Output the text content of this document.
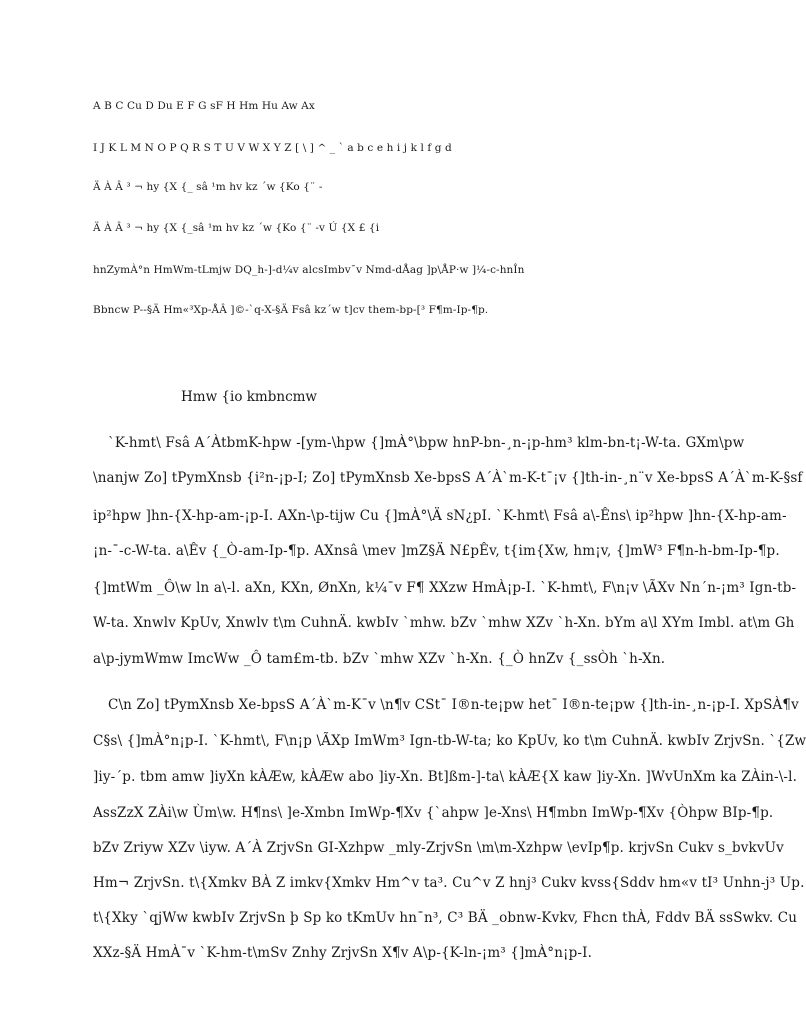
A B C Cu D Du E F G sF H Hm Hu Aw Ax
I J K L M N O P Q R S T U V W X Y Z [ \ ] ^ _ ` a b c e h i j k l f g d
Ä À Â ³ ¬ hy {X {_ sâ ¹m hv kz ´w {Ko {¨ -
Ä À Â ³ ¬ hy {X {_sâ ¹m hv kz ´w {Ko {¨ -v Ú {X £ {i
hnZymÀ°n HmWm-tLmjw DQ_h-]-d¼v alcsImbv¯v Nmd-dÅag ]p\ÅP·w ]¼-c-hnÎn
Bbncw P--§Ä Hm«³Xp-ÅÂ ]©-`q-X-§Ä Fsâ kz´w t]cv them-bp-[³ F¶m-Ip-¶p.
Hmw {io kmbncmw
`K-hmt\ Fsâ A´ÀtbmK-hpw -[ym-\hpw {]mÀ°\bpw hnP-bn-¸n-¡p-hm³ klm-bn-t¡-W-ta. GXm\pw
\nanjw Zo] tPymXnsb {i²n-¡p-I; Zo] tPymXnsb Xe-bpsS A´À`m-K-t¯¡v {]th-in-¸n¨v Xe-bpsS A´À`m-K-§sf
ip²hpw ]hn-{X-hp-am-¡p-I. AXn-\p-tijw Cu {]mÀ°\Ä sN¿pI. `K-hmt\ Fsâ a\-Êns\ ip²hpw ]hn-{X-hp-am-
¡n-¯-c-W-ta. a\Êv {_Ò-am-Ip-¶p. AXnsâ \mev ]mZ§Ä N£pÊv, t{im{Xw, hm¡v, {]mW³ F¶n-h-bm-Ip-¶p.
{]mtWm _Ô\w ln a\-l. aXn, KXn, ØnXn, k¼¯v F¶ XXzw HmÀ¡p-I. `K-hmt\, F\n¡v \ÃXv Nn´n-¡m³ Ign-tb-
W-ta. Xnwlv KpUv, Xnwlv t\m CuhnÄ. kwbIv `mhw. bZv `mhw XZv `h-Xn. bYm a\l XYm Imbl. at\m Gh
a\p-jymWmw ImcWw _Ô tam£m-tb. bZv `mhw XZv `h-Xn. {_Ò hnZv {_ssÒh `h-Xn.
C\n Zo] tPymXnsb Xe-bpsS A´À`m-K¯v \n¶v CSt¯ I®n-te¡pw het¯ I®n-te¡pw {]th-in-¸n-¡p-I. XpSÀ¶v
C§s\ {]mÀ°n¡p-I. `K-hmt\, F\n¡p \ÃXp ImWm³ Ign-tb-W-ta; ko KpUv, ko t\m CuhnÄ. kwbIv ZrjvSn. `{Zw
]iy-´p. tbm amw ]iyXn kÀÆw, kÀÆw abo ]iy-Xn. Bt]ßm-]-ta\ kÀÆ{X kaw ]iy-Xn. ]WvUnXm ka ZÀin-\-l.
AssZzX ZÀi\w Ùm\w. H¶ns\ ]e-Xmbn ImWp-¶Xv {`ahpw ]e-Xns\ H¶mbn ImWp-¶Xv {Òhpw BIp-¶p.
bZv Zriyw XZv \iyw. A´À ZrjvSn GI-Xzhpw _mly-ZrjvSn \m\m-Xzhpw \evIp¶p. krjvSn Cukv s_bvkvUv
Hm¬ ZrjvSn. t\{Xmkv BÀ Z imkv{Xmkv Hm^v ta³. Cu^v Z hnj³ Cukv kvss{Sddv hm«v tI³ Unhn-j³ Up.
t\{Xky `qjWw kwbIv ZrjvSn þ Sp ko tKmUv hn¯n³, C³ BÄ _obnw-Kvkv, Fhcn thÀ, Fddv BÄ ssSwkv. Cu
XXz-§Ä HmÀ¯v `K-hm-t\mSv Znhy ZrjvSn X¶v A\p-{K-ln-¡m³ {]mÀ°n¡p-I.
